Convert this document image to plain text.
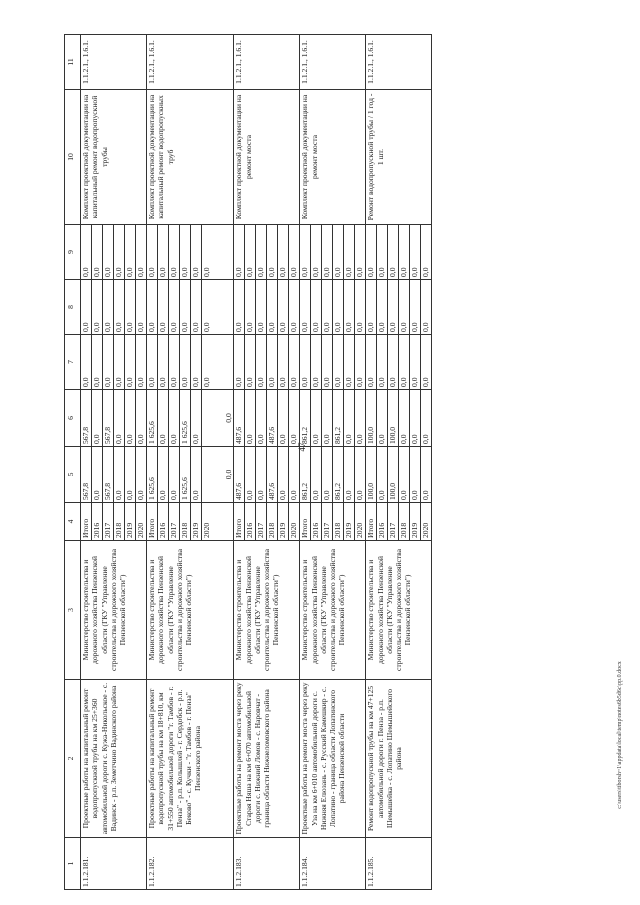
47
c:\users\tiborsh~1\appdata\local\temp\notes6b5d6c\pp.0.docx
1	2	3	4	5	6	7	8	9	10	11
1.1.2.181.	Проектные работы на капитальный ремонт водопропускной трубы на км 25+360 автомобильной дороги с. Кужа-Никольское - с. Вадинск - р.п. Земетчино Вадинского района	Министерство строительства и дорожного хозяйства Пензенской области (ГКУ "Управление строительства и дорожного хозяйства Пензенской области")	Итого	567,8	567,8	0,0	0,0	0,0	Комплект проектной документации на капитальный ремонт водопропускной трубы	1.1.2.1., 1.6.1.
			2016	0,0	0,0	0,0	0,0	0,0		
			2017	567,8	567,8	0,0	0,0	0,0		
			2018	0,0	0,0	0,0	0,0	0,0		
			2019	0,0	0,0	0,0	0,0	0,0		
			2020	0,0	0,0	0,0	0,0	0,0		
1.1.2.182.	Проектные работы на капитальный ремонт водопропускной трубы на км 18+810, км 31+550 автомобильной дороги "г. Тамбов - г. Пенза" - р.п. Колышлей - г. Сердобск - р.п. Беково" - с. Кучки - "г. Тамбов - г. Пенза" Пензенского района	Министерство строительства и дорожного хозяйства Пензенской области (ГКУ "Управление строительства и дорожного хозяйства Пензенской области")	Итого	1 625,6	1 625,6	0,0	0,0	0,0	Комплект проектной документации на капитальный ремонт водопропускных труб	1.1.2.1., 1.6.1.
			2016	0,0	0,0	0,0	0,0	0,0		
			2017	0,0	0,0	0,0	0,0	0,0		
			2018	1 625,6	1 625,6	0,0	0,0	0,0		
			2019	0,0	0,0	0,0	0,0	0,0		
			2020	0,0	0,0	0,0	0,0	0,0		
1.1.2.183.	Проектные работы на ремонт моста через реку Старая Няша на км 6+070 автомобильной дороги с. Нижний Ломов - с. Наровчат - граница области Нижнеломовского района	Министерство строительства и дорожного хозяйства Пензенской области (ГКУ "Управление строительства и дорожного хозяйства Пензенской области")	Итого	487,6	487,6	0,0	0,0	0,0	Комплект проектной документации на ремонт моста	1.1.2.1., 1.6.1.
			2016	0,0	0,0	0,0	0,0	0,0		
			2017	0,0	0,0	0,0	0,0	0,0		
			2018	487,6	487,6	0,0	0,0	0,0		
			2019	0,0	0,0	0,0	0,0	0,0		
			2020	0,0	0,0	0,0	0,0	0,0		
1.1.2.184.	Проектные работы на ремонт моста через реку Уза на км 6+010 автомобильной дороги с. Нижняя Елюзань - с. Русский Камешкир - с. Лопатино - граница области Лопатинского района Пензенской области	Министерство строительства и дорожного хозяйства Пензенской области (ГКУ "Управление строительства и дорожного хозяйства Пензенской области")	Итого	861,2	861,2	0,0	0,0	0,0	Комплект проектной документации на ремонт моста	1.1.2.1., 1.6.1.
			2016	0,0	0,0	0,0	0,0	0,0		
			2017	0,0	0,0	0,0	0,0	0,0		
			2018	861,2	861,2	0,0	0,0	0,0		
			2019	0,0	0,0	0,0	0,0	0,0		
			2020	0,0	0,0	0,0	0,0	0,0		
1.1.2.185.	Ремонт водопропускной трубы на км 47+125 автомобильной дороги г. Пенза - р.п. Шемышейка - с. Лопатино Шемышейского района	Министерство строительства и дорожного хозяйства Пензенской области (ГКУ "Управление строительства и дорожного хозяйства Пензенской области")	Итого	100,0	100,0	0,0	0,0	0,0	Ремонт водопропускной трубы / 1 год - 1 шт.	1.1.2.1., 1.6.1.
			2016	0,0	0,0	0,0	0,0	0,0		
			2017	100,0	100,0	0,0	0,0	0,0		
			2018	0,0	0,0	0,0	0,0	0,0		
			2019	0,0	0,0	0,0	0,0	0,0		
			2020	0,0	0,0	0,0	0,0	0,0		
